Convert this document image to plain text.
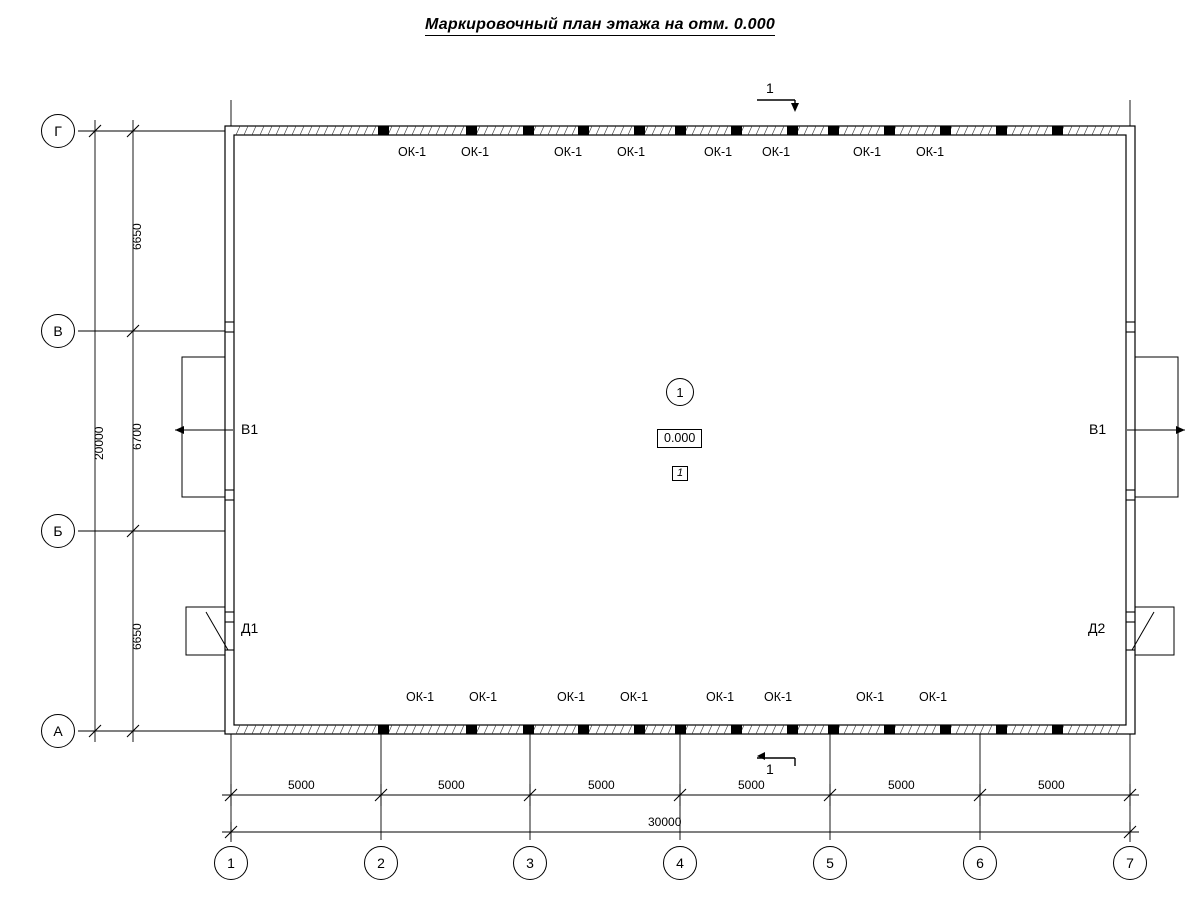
Маркировочный план этажа на отм. 0.000
Г
В
Б
А
1	2	3	4	5	6	7
6650
6700
6650
20000
5000	5000	5000	5000	5000	5000
30000
ОК-1	ОК-1	ОК-1	ОК-1	ОК-1 ОК-1	ОК-1	ОК-1
ОК-1	ОК-1	ОК-1	ОК-1	ОК-1 ОК-1	ОК-1	ОК-1
В1	В1
Д1	Д2
1
0.000
1
1
1
